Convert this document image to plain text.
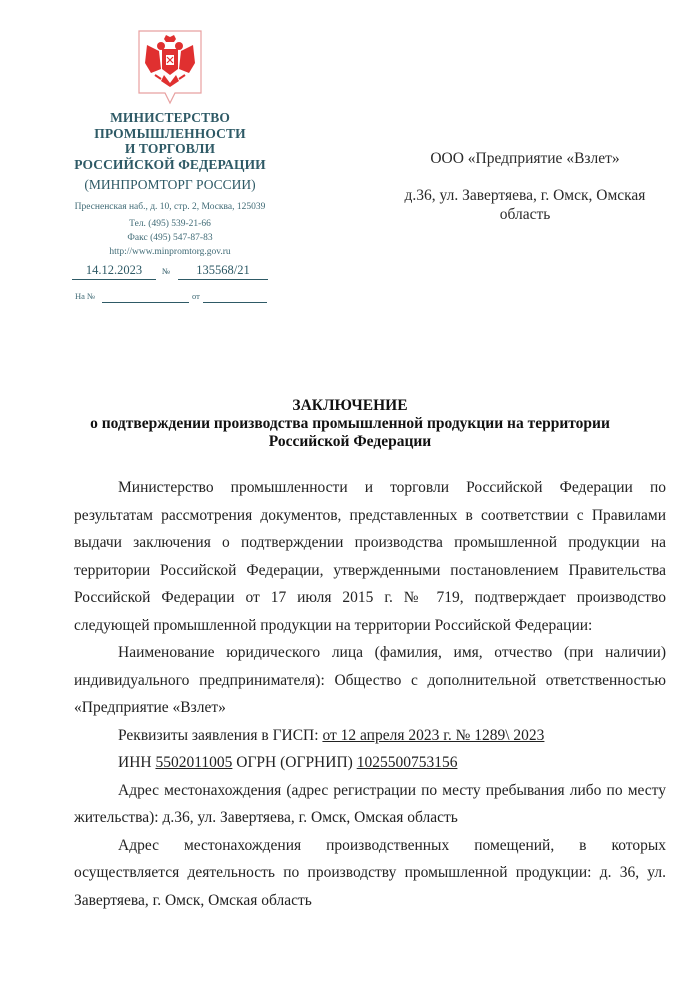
МИНИСТЕРСТВО
ПРОМЫШЛЕННОСТИ
И ТОРГОВЛИ
РОССИЙСКОЙ ФЕДЕРАЦИИ
(МИНПРОМТОРГ РОССИИ)
Пресненская наб., д. 10, стр. 2, Москва, 125039
Тел. (495) 539-21-66
Факс (495) 547-87-83
http://www.minpromtorg.gov.ru
14.12.2023	№	135568/21
На №	от
ООО «Предприятие «Взлет»
д.36, ул. Завертяева, г. Омск, Омская область
ЗАКЛЮЧЕНИЕ
о подтверждении производства промышленной продукции на территории
Российской Федерации

Министерство промышленности и торговли Российской Федерации по результатам рассмотрения документов, представленных в соответствии с Правилами выдачи заключения о подтверждении производства промышленной продукции на территории Российской Федерации, утвержденными постановлением Правительства Российской Федерации от 17 июля 2015 г. № 719, подтверждает производство следующей промышленной продукции на территории Российской Федерации:

Наименование юридического лица (фамилия, имя, отчество (при наличии) индивидуального предпринимателя): Общество с дополнительной ответственностью «Предприятие «Взлет»

Реквизиты заявления в ГИСП: от 12 апреля 2023 г. № 1289\ 2023

ИНН 5502011005 ОГРН (ОГРНИП) 1025500753156

Адрес местонахождения (адрес регистрации по месту пребывания либо по месту жительства): д.36, ул. Завертяева, г. Омск, Омская область

Адрес местонахождения производственных помещений, в которых осуществляется деятельность по производству промышленной продукции: д. 36, ул. Завертяева, г. Омск, Омская область
